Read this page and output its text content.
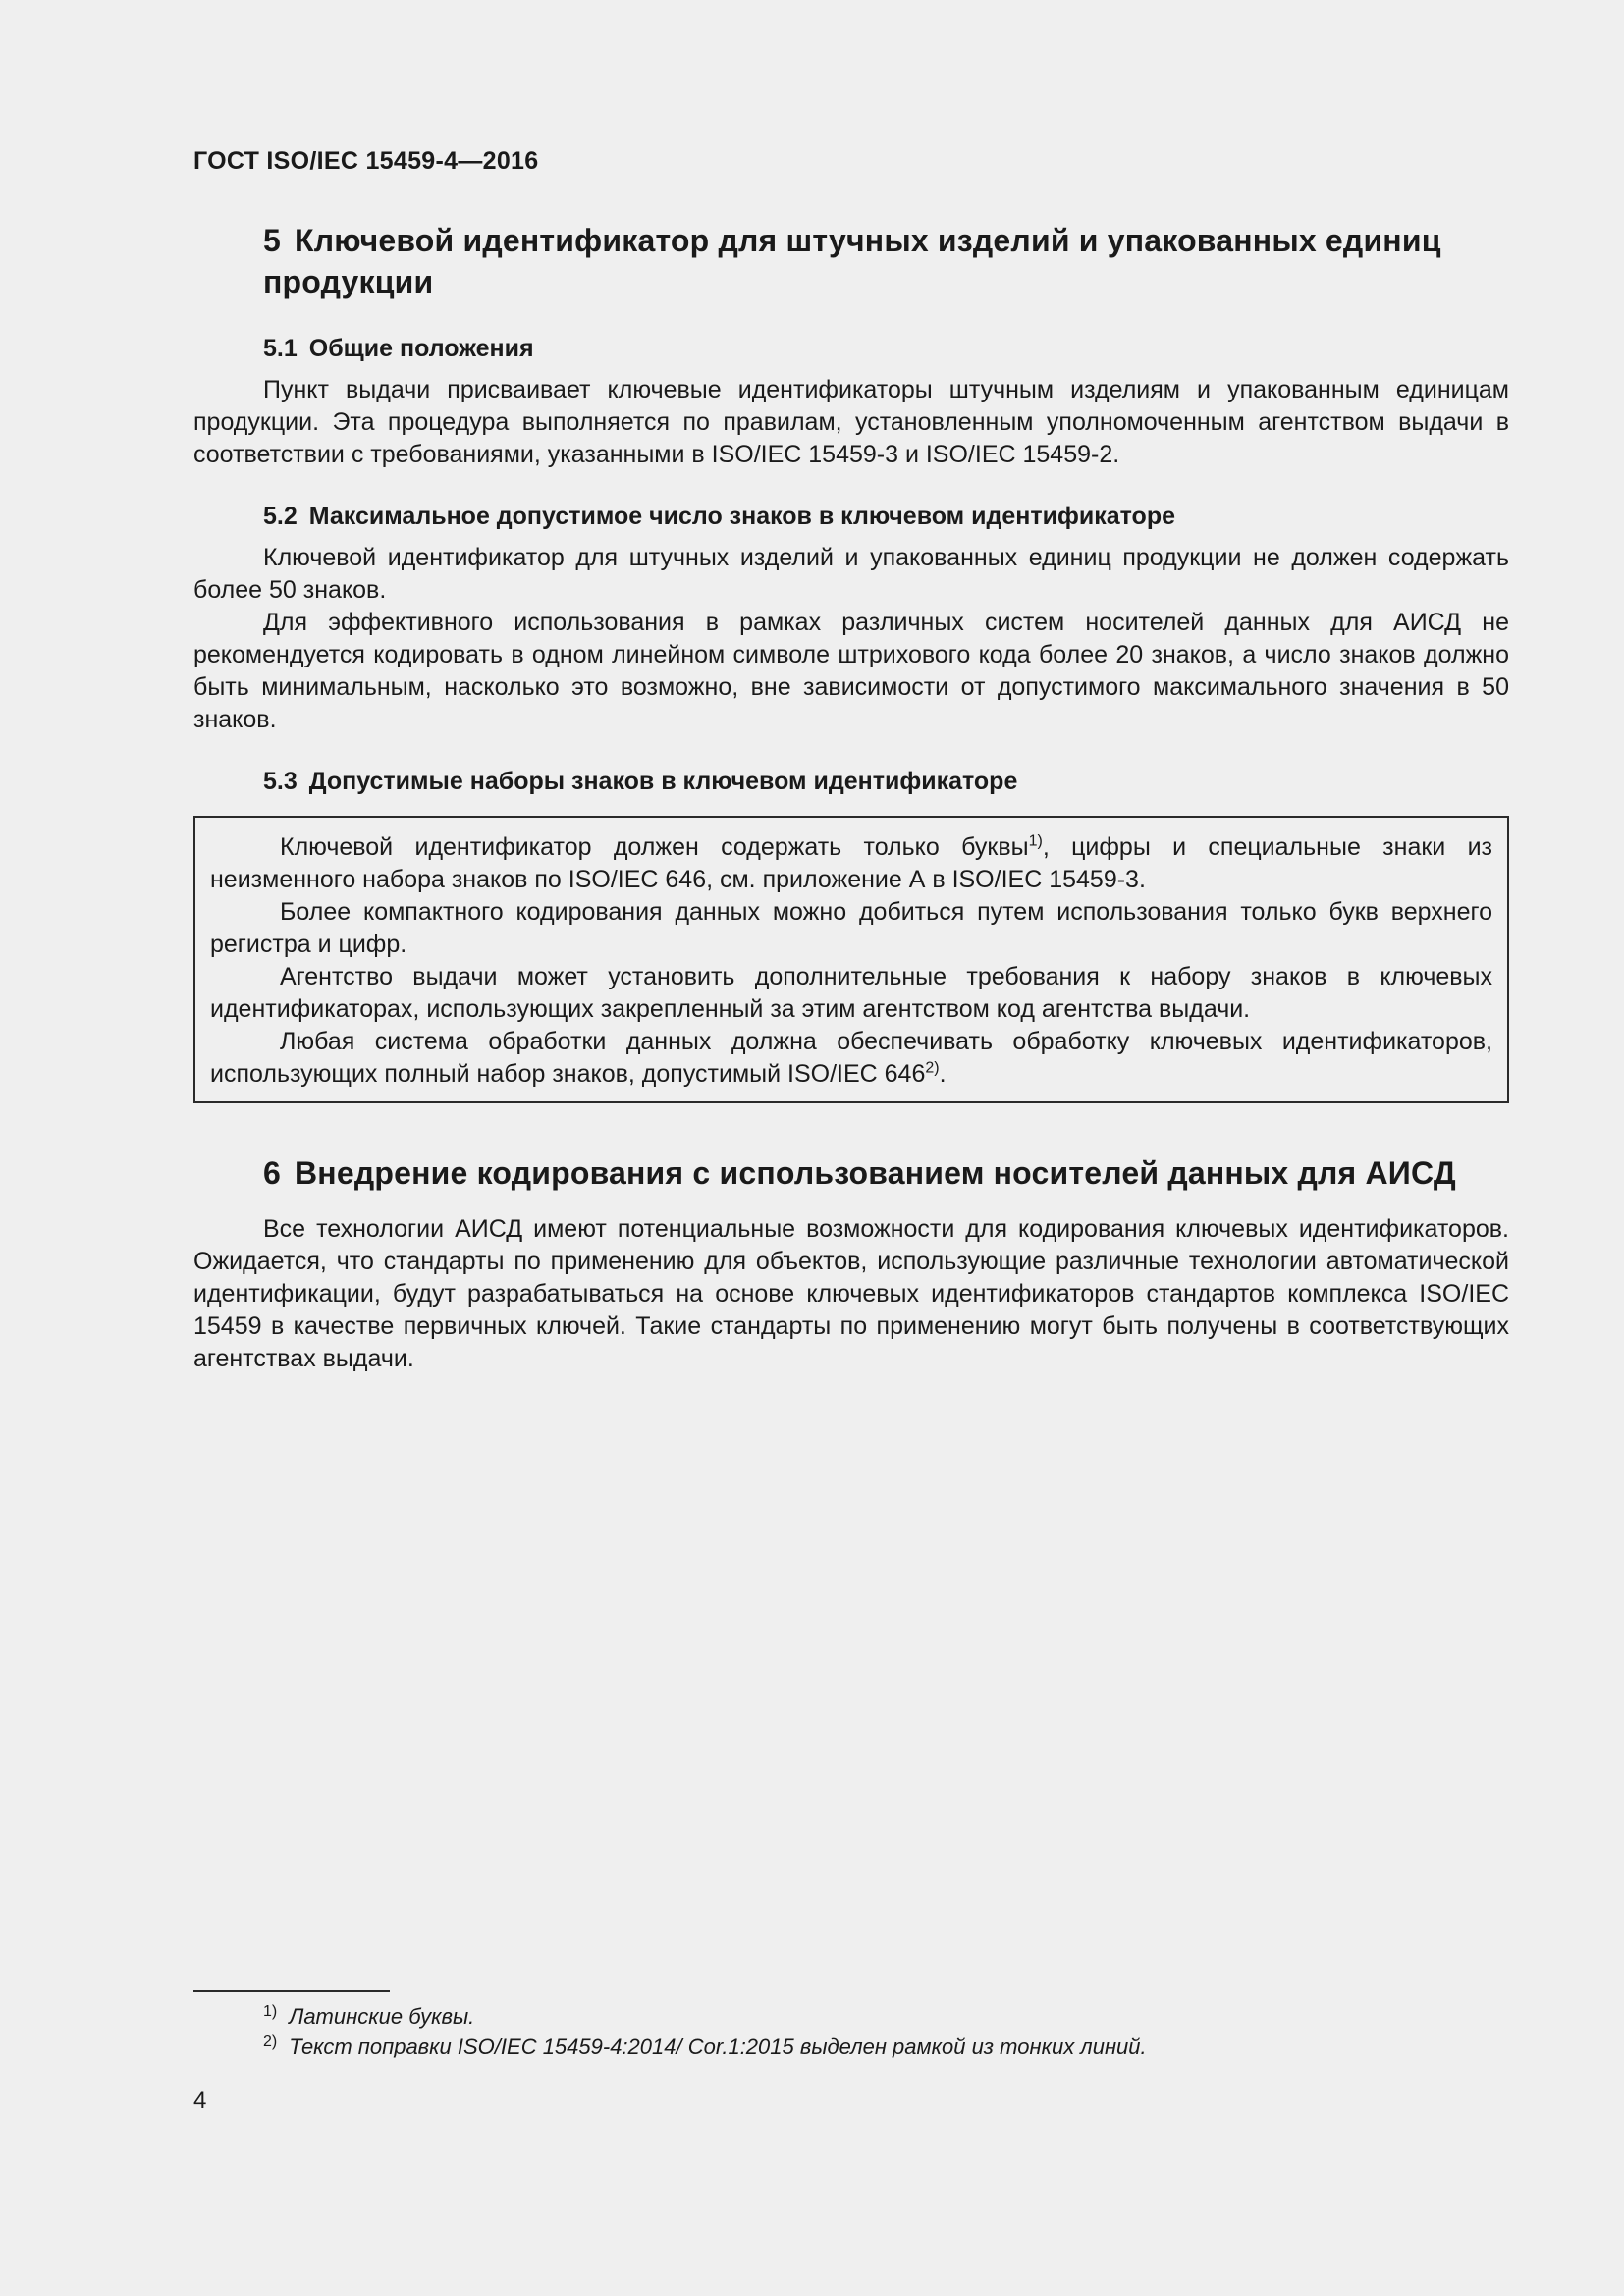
ГОСТ ISO/IEC 15459-4—2016
5 Ключевой идентификатор для штучных изделий и упакованных единиц продукции
5.1 Общие положения

Пункт выдачи присваивает ключевые идентификаторы штучным изделиям и упакованным единицам продукции. Эта процедура выполняется по правилам, установленным уполномоченным агентством выдачи в соответствии с требованиями, указанными в ISO/IEC 15459-3 и ISO/IEC 15459-2.

5.2 Максимальное допустимое число знаков в ключевом идентификаторе

Ключевой идентификатор для штучных изделий и упакованных единиц продукции не должен содержать более 50 знаков.

Для эффективного использования в рамках различных систем носителей данных для АИСД не рекомендуется кодировать в одном линейном символе штрихового кода более 20 знаков, а число знаков должно быть минимальным, насколько это возможно, вне зависимости от допустимого максимального значения в 50 знаков.

5.3 Допустимые наборы знаков в ключевом идентификаторе

Ключевой идентификатор должен содержать только буквы$^{1)}$, цифры и специальные знаки из неизменного набора знаков по ISO/IEC 646, см. приложение А в ISO/IEC 15459-3.

Более компактного кодирования данных можно добиться путем использования только букв верхнего регистра и цифр.

Агентство выдачи может установить дополнительные требования к набору знаков в ключевых идентификаторах, использующих закрепленный за этим агентством код агентства выдачи.

Любая система обработки данных должна обеспечивать обработку ключевых идентификаторов, использующих полный набор знаков, допустимый ISO/IEC 646$^{2)}$.

6 Внедрение кодирования с использованием носителей данных для АИСД

Все технологии АИСД имеют потенциальные возможности для кодирования ключевых идентификаторов. Ожидается, что стандарты по применению для объектов, использующие различные технологии автоматической идентификации, будут разрабатываться на основе ключевых идентификаторов стандартов комплекса ISO/IEC 15459 в качестве первичных ключей. Такие стандарты по применению могут быть получены в соответствующих агентствах выдачи.

$^{1)}$ Латинские буквы.
$^{2)}$ Текст поправки ISO/IEC 15459-4:2014/ Cor.1:2015 выделен рамкой из тонких линий.
4
